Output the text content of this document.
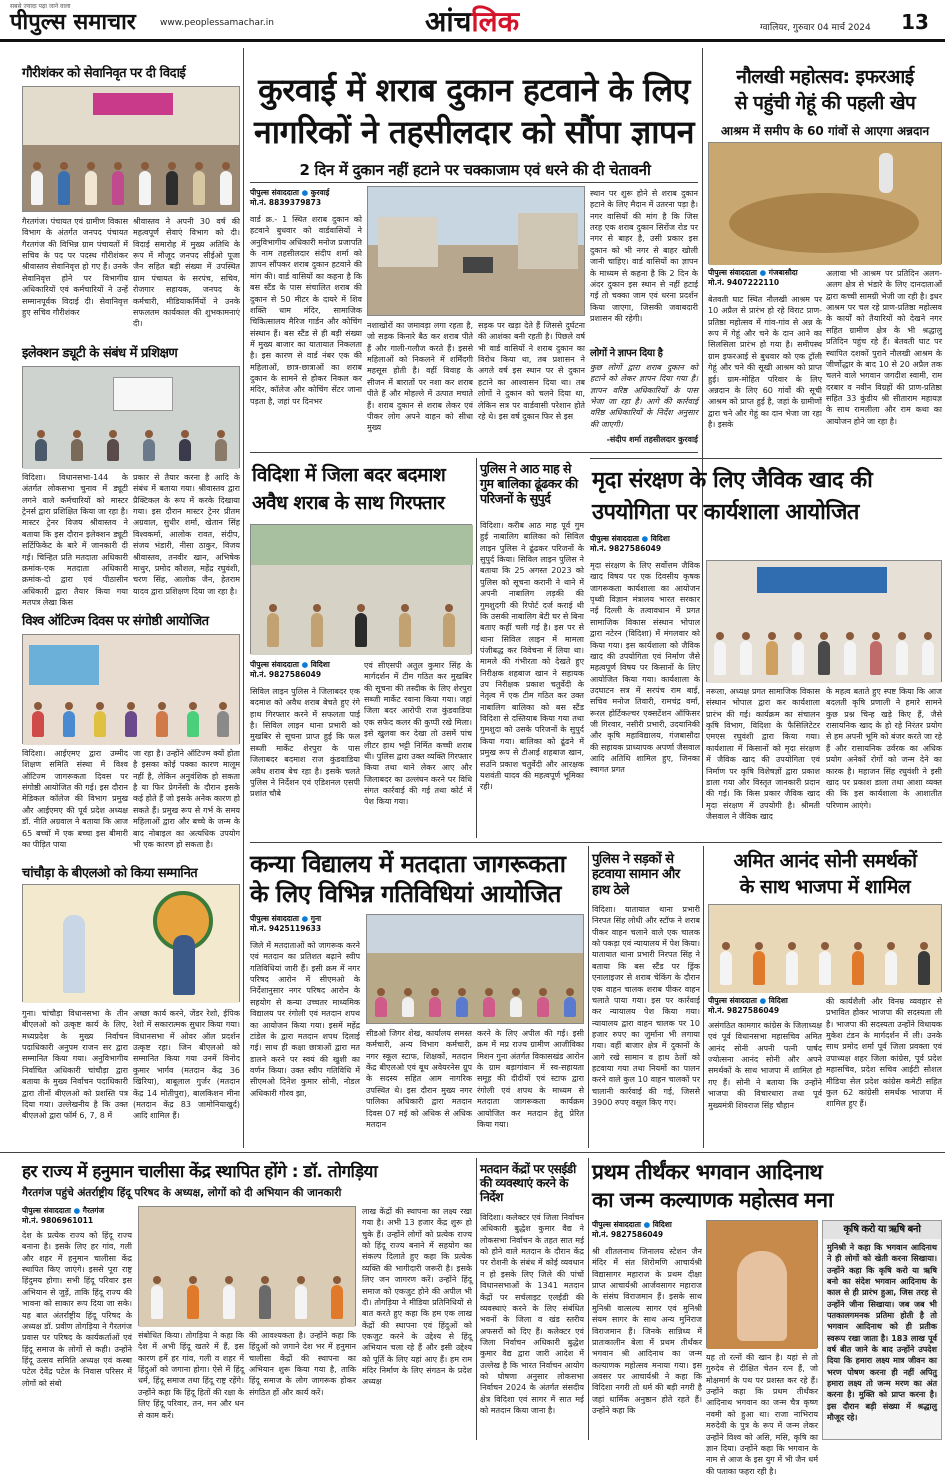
सबसे ज्यादा पढ़ा जाने वाला
पीपुल्स समाचार	www.peoplessamachar.in	आंचलिक	ग्वालियर, गुरुवार 04 मार्च 2024 13
गौरीशंकर को सेवानिवृत पर दी विदाई
गैरतगंज। पंचायत एवं ग्रामीण विकास विभाग के अंतर्गत जनपद पंचायत गैरतगंज की विभिन्न ग्राम पंचायतों में सचिव के पद पर पदस्थ गौरीशंकर श्रीवास्तव सेवानिवृत्त हो गए हैं। उनके सेवानिवृत्त होने पर विभागीय अधिकारियों एवं कर्मचारियों ने उन्हें सम्मानपूर्वक विदाई दी। सेवानिवृत्त हुए सचिव गौरीशंकर
श्रीवास्तव ने अपनी 30 वर्ष की महत्वपूर्ण सेवाएं विभाग को दी। विदाई समारोह में मुख्य अतिथि के रूप में मौजूद जनपद सीईओ पूजा जैन सहित बड़ी संख्या में उपस्थित ग्राम पंचायत के सरपंच, सचिव, रोजगार सहायक, जनपद के कर्मचारी, मीडियाकर्मियों ने उनके सफलतम कार्यकाल की शुभकामनाएं दी।
इलेक्शन ड्यूटी के संबंध में प्रशिक्षण
विदिशा। विधानसभा-144 के अंतर्गत लोकसभा चुनाव में ड्यूटी लगने वाले कर्मचारियों को मास्टर ट्रेनर्स द्वारा प्रशिक्षित किया जा रहा है। मास्टर ट्रेनर विजय श्रीवास्तव ने बताया कि इस दौरान इलेक्शन ड्यूटी सर्टिफिकेट के बारे में जानकारी दी गई। चिन्हित प्रति मतदाता अधिकारी क्रमांक-एक मतदाता अधिकारी क्रमांक-दो द्वारा एवं पीठासीन अधिकारी द्वारा तैयार किया गया मतपत्र लेखा किस
प्रकार से तैयार करना है आदि के संबंध में बताया गया। श्रीवास्तव द्वारा प्रैक्टिकल के रूप में करके दिखाया गया। इस दौरान मास्टर ट्रेनर प्रीतम अग्रवाल, सुधीर शर्मा, खेतान सिंह विश्वकर्मा, आलोक रावत, संदीप, संजय भंडारी, नीसा ठाकुर, विजय श्रीवास्तव, तनवीर खान, अभिषेक माथुर, प्रमोद कौशल, महेंद्र रघुवंशी, चरण सिंह, आलोक जैन, हेतराम यादव द्वारा प्रशिक्षण दिया जा रहा है।
विश्व ऑटिज्म दिवस पर संगोष्ठी आयोजित
विदिशा। आईएमए द्वारा उम्मीद शिक्षण समिति संस्था में विश्व ऑटिज्म जागरूकता दिवस पर संगोष्ठी आयोजित की गई। इस दौरान मेडिकल कॉलेज की विभाग प्रमुख और आईएमए की पूर्व प्रदेश अध्यक्ष डॉ. नीति अग्रवाल ने बताया कि आज 65 बच्चों में एक बच्चा इस बीमारी का पीड़ित पाया
जा रहा है। उन्होंने ऑटिज्म क्यों होता है इसका कोई पक्का कारण मालूम नहीं है, लेकिन अनुवंशिक हो सकता है या फिर प्रेगनेंसी के दौरान इसके कई होते हैं जो इसके अनेक कारण हो सकते हैं। प्रमुख रूप से गर्भ के समय महिलाओं द्वारा और बच्चे के जन्म के बाद नोबाइल का अत्यधिक उपयोग भी एक कारण हो सकता है।
चांचौड़ा के बीएलओ को किया सम्मानित
गुना। चांचौड़ा विधानसभा के तीन बीएलओ को उत्कृष्ट कार्य के लिए, मध्यप्रदेश के मुख्य निर्वाचन पदाधिकारी अनुपम राजन सर द्वारा सम्मानित किया गया। अनुविभागीय निर्वाचित अधिकारी चांचौड़ा द्वारा बताया के मुख्य निर्वाचन पदाधिकारी द्वारा तीनों बीएलओ को प्रशस्ति पत्र दिया गया। उल्लेखनीय है कि उक्त बीएलओ द्वारा फॉर्म 6, 7, 8 में
अच्छा कार्य करने, जेंडर रेशो, ईपिक रेशो में सकारात्मक सुधार किया गया। विधानसभा में ओवर ऑल प्रदर्शन उत्कृष्ट रहा। जिन बीएलओ को सम्मानित किया गया उनमें विनोद कुमार भार्गव (मतदान केंद्र 36 खिरिया), बाबूलाल गुर्जर (मतदान केंद्र 14 मोतीपुरा), बालकिशन मीना (मतदान केंद्र 83 जामोनियाखुर्द) आदि शामिल हैं।
कुरवाई में शराब दुकान हटवाने के लिए
नागरिकों ने तहसीलदार को सौंपा ज्ञापन
2 दिन में दुकान नहीं हटाने पर चक्काजाम एवं धरने की दी चेतावनी
पीपुल्स संवाददाता ● कुरवाई
मो.नं. 8839379873
वार्ड क्र.- 1 स्थित शराब दुकान को हटवाने बुधवार को वार्डवासियों ने अनुविभागीय अधिकारी मनोज प्रजापति के नाम तहसीलदार संदीप शर्मा को ज्ञापन सौंपकर शराब दुकान हटवाने की मांग की। वार्ड वासियों का कहना है कि बस स्टैंड के पास संचालित शराब की दुकान से 50 मीटर के दायरे में शिव शक्ति धाम मंदिर, सामाजिक चिकित्सालय मैरिज गार्डन और कोचिंग संस्थान हैं। बस स्टैंड से ही बड़ी संख्या में मुख्य बाजार का यातायात निकलता है। इस कारण से वार्ड नंबर एक की महिलाओं, छात्र-छात्राओं का शराब दुकान के सामने से होकर निकल कर मंदिर, कॉलेज और कोचिंग सेंटर जाना पड़ता है, जहां पर दिनभर
नशाखोरों का जमावड़ा लगा रहता है, जो सड़क किनारे बैठ कर शराब पीते हैं और गाली-गलौज करते हैं। इससे महिलाओं को निकलने में शर्मिंदगी महसूस होती है। वहीं विवाह के सीजन में बारातों पर नशा कर शराब पीते हैं और मोहल्ले में उत्पात मचाते हैं। शराब दुकान से शराब लेकर एवं पीकर लोग अपने वाहन को सीधा मुख्य
सड़क पर खड़ा देते हैं जिससे दुर्घटना की आशंका बनी रहती है। पिछले वर्ष भी वार्ड वासियों ने शराब दुकान का विरोध किया था, तब प्रशासन ने अगले वर्ष इस स्थान पर से दुकान हटाने का आश्वासन दिया था। तब लोगों ने दुकान को चलने दिया था, लेकिन सत्र पर वार्डवासी परेशान होते रहे थे। इस वर्ष दुकान फिर से इस
स्थान पर शुरू होने से शराब दुकान हटाने के लिए मैदान में उतरना पड़ा है। नगर वासियों की मांग है कि जिस तरह एक शराब दुकान सिरोंज रोड पर नगर से बाहर है, उसी प्रकार इस दुकान को भी नगर से बाहर खोली जानी चाहिए। वार्ड वासियों का ज्ञापन के माध्यम से कहना है कि 2 दिन के अंदर दुकान इस स्थान से नहीं हटाई गई तो चक्का जाम एवं धरना प्रदर्शन किया जाएगा, जिसकी जवाबदारी प्रशासन की रहेगी।
लोगों ने ज्ञापन दिया है
कुछ लोगों द्वारा शराब दुकान को हटाने को लेकर ज्ञापन दिया गया है। ज्ञापन वरिष्ठ अधिकारियों के पास भेजा जा रहा है। आगे की कार्रवाई वरिष्ठ अधिकारियों के निर्देश अनुसार की जाएगी।
-संदीप शर्मा तहसीलदार कुरवाई
विदिशा में जिला बदर बदमाश
अवैध शराब के साथ गिरफ्तार
पीपुल्स संवाददाता ● विदिशा
मो.नं. 9827586049
सिविल लाइन पुलिस ने जिलाबदर एक बदमाश को अवैध शराब बेचते हुए रंगे हाथ गिरफ्तार करने में सफलता पाई है। सिविल लाइन थाना प्रभारी को मुखबिर से सूचना प्राप्त हुई कि फल सब्जी मार्केट शेरपुरा के पास जिलाबदर बदमाश राज कुंडवाडिया अवैध शराब बेच रहा है। इसके चलते पुलिस ने निर्देशन एवं एडिशनल एसपी प्रशांत चौबे
एवं सीएसपी अतुल कुमार सिंह के मार्गदर्शन में टीम गठित कर मुखबिर की सूचना की तस्दीक के लिए शेरपुरा सब्जी मार्केट रवाना किया गया। जहां जिला बदर आरोपी राज कुंडवाडिया एक सफेद कलर की कुप्पी रखे मिला। इसे खुलवा कर देखा तो उसमें पांच लीटर हाथ भट्टी निर्मित कच्ची शराब थी। पुलिस द्वारा उक्त व्यक्ति गिरफ्तार किया तथा थाने लेकर आए और जिलाबदर का उल्लंघन करने पर विधि संगत कार्रवाई की गई तथा कोर्ट में पेश किया गया।
पुलिस ने आठ माह से गुम बालिका ढूंढकर की परिजनों के सुपुर्द
विदिशा। करीब आठ माह पूर्व गुम हुई नाबालिग बालिका को सिविल लाइन पुलिस ने ढूंढकर परिजनों के सुपुर्द किया। सिविल लाइन पुलिस ने बताया कि 25 अगस्त 2023 को पुलिस को सूचना करानी ने थाने में अपनी नाबालिग लड़की की गुमशुदगी की रिपोर्ट दर्ज कराई थी कि उसकी नाबालिग बेटी घर से बिना बताए कहीं चली गई है। इस पर से थाना सिविल लाइन में मामला पंजीबद्ध कर विवेचना में लिया था। मामले की गंभीरता को देखते हुए निरीक्षक शहबाज खान ने सहायक उप निरीक्षक प्रकाश चतुर्वेदी के नेतृत्व में एक टीम गठित कर उक्त नाबालिग बालिका को बस स्टैंड विदिशा से दस्तियाब किया गया तथा गुमशुदा को उसके परिजनों के सुपुर्द किया गया। बालिका को ढूंढने में प्रमुख रूप से टीआई शहबाज खान, सउनि प्रकाश चतुर्वेदी और आरक्षक यशवंती यादव की महत्वपूर्ण भूमिका रही।
मृदा संरक्षण के लिए जैविक खाद की
उपयोगिता पर कार्यशाला आयोजित
पीपुल्स संवाददाता ● विदिशा
मो.नं. 9827586049
मृदा संरक्षण के लिए सर्वोत्तम जैविक खाद विषय पर एक दिवसीय कृषक जागरूकता कार्यशाला का आयोजन पृथ्वी विज्ञान मंत्रालय भारत सरकार नई दिल्ली के तत्वावधान में प्रगत सामाजिक विकास संस्थान भोपाल द्वारा नटेरन (विदिशा) में मंगलवार को किया गया। इस कार्यशाला को जैविक खाद की उपयोगिता एवं निर्माण जैसे महत्वपूर्ण विषय पर किसानों के लिए आयोजित किया गया। कार्यशाला के उदघाटन सत्र में सरपंच राम बाई, सचिव मनोज तिवारी, रामचंद्र वर्मा, रूरल होर्टिकल्चर एक्सटेंशन ऑफिसर जी गिरवार, नसीरी प्रभारी, उदयानिकी और कृषि महाविद्यालय, गंजबासौदा की सहायक प्राध्यापक अपर्णा जैसवाल आदि अतिथि शामिल हुए, जिनका स्वागत प्रगत
नरूला, अध्यक्ष प्रगत सामाजिक विकास संस्थान भोपाल द्वारा कर कार्यशाला प्रारंभ की गई। कार्यक्रम का संचालन कृषि विभाग, विदिशा के फैसिलिटेटर एमएस रघुवंशी द्वारा किया गया। कार्यशाला में किसानों को मृदा संरक्षण में जैविक खाद की उपयोगिता एवं निर्माण पर कृषि विशेषज्ञों द्वारा प्रकाश डाला गया और विस्तृत जानकारी प्रदान की गई। कि किस प्रकार जैविक खाद मृदा संरक्षण में उपयोगी है। श्रीमती जैसवाल ने जैविक खाद
के महत्व बताते हुए स्पष्ट किया कि आज बदलती कृषि प्रणाली ने हमारे सामने कुछ प्रश्न चिन्ह खड़े किए हैं, जैसे रासायनिक खाद के हो रहे निरंतर प्रयोग से हम अपनी भूमि को बंजर करते जा रहे हैं और रासायनिक उर्वरक का अधिक प्रयोग अनेकों रोगों को जन्म देने का कारक है। महाजन सिंह रघुवंशी ने इसी खाद पर प्रकाश डाला तथा आशा व्यक्त की कि इस कार्यशाला के आशातीत परिणाम आएंगे।
नौलखी महोत्सव: इफरआई
से पहुंची गेहूं की पहली खेप
आश्रम में समीप के 60 गांवों से आएगा अन्नदान
पीपुल्स संवाददाता ● गंजबासौदा
मो.नं. 9407222110
बेतवती घाट स्थित नौलखी आश्रम पर 10 अप्रैल से प्रारंभ हो रहे विराट प्राण-प्रतिष्ठा महोत्सव में गांव-गांव से अन्न के रूप में गेहूं और चने के दान आने का सिलसिला प्रारंभ हो गया है। समीपस्थ ग्राम इफरआई से बुधवार को एक ट्रॉली गेहूं और चने की सूखी आश्रम को प्राप्त हुई। ग्राम-मोहित परिवार के लिए अन्नदान के लिए 60 गांवों की सूची आश्रम को प्राप्त हुई है, जहां के ग्रामीणों द्वारा चने और गेहूं का दान भेजा जा रहा है। इसके
अलावा भी आश्रम पर प्रतिदिन अलग-अलग क्षेत्र से भंडारे के लिए दानदाताओं द्वारा कच्ची सामग्री भेजी जा रही है। इधर आश्रम पर चल रहे प्राण-प्रतिष्ठा महोत्सव के कार्यों को तैयारियों को देखने नगर सहित ग्रामीण क्षेत्र के भी श्रद्धालु प्रतिदिन पहुंच रहे हैं। बेतवती घाट पर स्थापित दशकों पुराने नौलखी आश्रम के जीर्णोद्धार के बाद 10 से 20 अप्रैल तक चलने वाले भगवान जगदीश स्वामी, राम दरबार व नवीन विग्रहों की प्राण-प्रतिष्ठा सहित 33 कुंडीय श्री सीताराम महायज्ञ के साथ रामलीला और राम कथा का आयोजन होने जा रहा है।
कन्या विद्यालय में मतदाता जागरूकता
के लिए विभिन्न गतिविधियां आयोजित
पीपुल्स संवाददाता ● गुना
मो.नं. 9425119633
जिले में मतदाताओं को जागरूक करने एवं मतदान का प्रतिशत बढ़ाने स्वीप गतिविधियां जारी हैं। इसी क्रम में नगर परिषद आरोन में सीएमओ के निर्देशानुसार नगर परिषद आरोन के सहयोग से कन्या उच्चतर माध्यमिक विद्यालय पर रंगोली एवं मतदान शपथ का आयोजन किया गया। इसमें महेंद्र टांडेल के द्वारा मतदान शपथ दिलाई गई। साथ ही कक्षा छात्राओं द्वारा मत डालने करने पर स्वयं की खुशी का वर्णन किया। उक्त स्वीप गतिविधि में सीएमओ दिनेश कुमार सोनी, नोडल अधिकारी गौरव झा,
सीडओ जिगर शेख, कार्यालय समस्त कर्मचारी, अन्य विभाग कर्मचारी, नगर स्कूल स्टाफ, शिक्षकों, मतदान केंद्र बीएलओ एवं बूथ अवेयरनेस ग्रुप के सदस्य सहित आम नागरिक उपस्थित थे। इस दौरान मुख्य नगर पालिका अधिकारी द्वारा मतदान दिवस 07 मई को अधिक से अधिक मतदान
करने के लिए अपील की गई। इसी क्रम में मप्र राज्य ग्रामीण आजीविका मिशन गुना अंतर्गत विकासखंड आरोन के ग्राम बड़ागांवान में स्व-सहायता समूह की दीदीयों एवं स्टाफ द्वारा रंगोली एवं शपथ के माध्यम से मतदाता जागरूकता कार्यक्रम आयोजित कर मतदान हेतु प्रेरित किया गया।
पुलिस ने सड़कों से हटवाया सामान और हाथ ठेले
विदिशा। यातायात थाना प्रभारी निरपत सिंह लोधी और स्टॉफ ने शराब पीकर वाहन चलाने वाले एक चालक को पकड़ा एवं न्यायालय में पेश किया। यातायात थाना प्रभारी निरपत सिंह ने बताया कि बस स्टैंड पर ड्रिंक एनालाइजर से शराब चेकिंग के दौरान एक वाहन चालक शराब पीकर वाहन चलाते पाया गया। इस पर कार्रवाई कर न्यायालय पेश किया गया। न्यायालय द्वारा वाहन चालक पर 10 हजार रुपए का जुर्माना भी लगाया गया। वहीं बाजार क्षेत्र में दुकानों के आगे रखे सामान व हाथ ठेलों को हटवाया गया तथा नियमों का पालन करने वाले कुल 10 वाहन चालकों पर चालानी कार्रवाई की गई, जिससे 3900 रुपए वसूल किए गए।
अमित आनंद सोनी समर्थकों
के साथ भाजपा में शामिल
पीपुल्स संवाददाता ● विदिशा
मो.नं. 9827586049
असंगठित कामगार कांग्रेस के जिलाध्यक्ष एवं पूर्व विधानसभा महासचिव अमित आनंद सोनी अपनी पत्नी पार्षद ज्योत्सना आनंद सोनी और अपने समर्थकों के साथ भाजपा में शामिल हो गए हैं। सोनी ने बताया कि उन्होंने भाजपा की विचारधारा तथा पूर्व मुख्यमंत्री शिवराज सिंह चौहान
की कार्यशैली और विनम्र व्यवहार से प्रभावित होकर भाजपा की सदस्यता ली है। भाजपा की सदस्यता उन्होंने विधायक मुकेश टंडन के मार्गदर्शन में ली। उनके साथ प्रमोद शर्मा पूर्व जिला प्रवक्ता एवं उपाध्यक्ष शहर जिला कांग्रेस, पूर्व प्रदेश महासचिव, प्रदेश सचिव आईटी सोशल मीडिया सेल प्रदेश कांग्रेस कमेटी सहित कुल 62 कांग्रेसी समर्थक भाजपा में शामिल हुए हैं।
हर राज्य में हनुमान चालीसा केंद्र स्थापित होंगे : डॉ. तोगड़िया
गैरतगंज पहुंचे अंतर्राष्ट्रीय हिंदू परिषद के अध्यक्ष, लोगों को दी अभियान की जानकारी
पीपुल्स संवाददाता ● गैरतगंज
मो.नं. 9806961011
देश के प्रत्येक राज्य को हिंदू राज्य बनाना है। इसके लिए हर गांव, गली और शहर में हनुमान चालीसा केंद्र स्थापित किए जाएंगे। इससे पूरा राष्ट्र हिंदुमय होगा। सभी हिंदू परिवार इस अभियान से जुड़ें, ताकि हिंदू राज्य की भावना को साकार रूप दिया जा सके। यह बात अंतर्राष्ट्रीय हिंदू परिषद के अध्यक्ष डॉ. प्रवीण तोगड़िया ने गैरतगंज प्रवास पर परिषद के कार्यकर्ताओं एवं हिंदू समाज के लोगों से कही। उन्होंने हिंदू उत्सव समिति अध्यक्ष एवं कस्बा पटेल देवेंद्र पटेल के निवास परिसर में लोगों को संबो
संबोधित किया। तोगड़िया ने कहा कि देश में अभी हिंदू खतरे में हैं, इस कारण हमें हर गांव, गली व शहर में हिंदुओं को जगाना होगा। ऐसे में हिंदू धर्म, हिंदू समाज तथा हिंदू राष्ट्र रहेंगे। उन्होंने कहा कि हिंदू हितों की रक्षा के लिए हिंदू परिवार, तन, मन और धन से काम करें।
की आवश्यकता है। उन्होंने कहा कि हिंदुओं को जगाने देश भर में हनुमान चालीसा केंद्रों की स्थापना का अभियान शुरू किया गया है, ताकि हिंदू समाज के लोग जागरूक होकर संगठित हों और कार्य करें।
लाख केंद्रों की स्थापना का लक्ष्य रखा गया है। अभी 13 हजार केंद्र शुरू हो चुके हैं। उन्होंने लोगों को प्रत्येक राज्य को हिंदू राज्य बनाने में सहयोग का संकल्प दिलाते हुए कहा कि प्रत्येक व्यक्ति की भागीदारी जरूरी है। इसके लिए जन जागरण करें। उन्होंने हिंदू समाज को एकजुट होने की अपील भी दी। तोगड़िया ने मीडिया प्रतिनिधियों से बात करते हुए कहा कि हम एक लाख केंद्रों की स्थापना एवं हिंदुओं को एकजुट करने के उद्देश्य से हिंदू अभियान चला रहे हैं और इसी उद्देश्य को पूर्ति के लिए यहां आए हैं। हम राम मंदिर निर्माण के लिए संगठन के प्रदेश अध्यक्ष
मतदान केंद्रों पर एसईडी की व्यवस्थाएं करने के निर्देश
विदिशा। कलेक्टर एवं जिला निर्वाचन अधिकारी बुद्धेश कुमार वैद्य ने लोकसभा निर्वाचन के तहत सात मई को होने वाले मतदान के दौरान केंद्र पर रोशनी के संबंध में कोई व्यवधान न हो इसके लिए जिले की पांचों विधानसभाओं के 1341 मतदान केंद्रों पर सर्चलाइट एलईडी की व्यवस्थाएं करने के लिए संबंधित भवनों के जिला व खंड स्तरीय अफसरों को दिए हैं। कलेक्टर एवं जिला निर्वाचन अधिकारी बुद्धेश कुमार वैद्य द्वारा जारी आदेश में उल्लेख है कि भारत निर्वाचन आयोग को घोषणा अनुसार लोकसभा निर्वाचन 2024 के अंतर्गत संसदीय क्षेत्र विदिशा एवं सागर में सात मई को मतदान किया जाना है।
प्रथम तीर्थंकर भगवान आदिनाथ
का जन्म कल्याणक महोत्सव मना
पीपुल्स संवाददाता ● विदिशा
मो.नं. 9827586049
श्री शीतलनाथ जिनालय स्टेशन जैन मंदिर में संत शिरोमणि आचार्यश्री विद्यासागर महाराज के प्रथम दीक्षा प्राप्त आचार्यश्री आर्जवसागर महाराज के संसंघ विराजमान हैं। इसके साथ मुनिश्री वात्सल्य सागर एवं मुनिश्री संयम सागर के साथ अन्य मुनिराज विराजमान हैं। जिनके सान्निध्य में प्रातःकालीन बेला में प्रथम तीर्थंकर भगवान श्री आदिनाथ का जन्म कल्याणक महोत्सव मनाया गया। इस अवसर पर आचार्यश्री ने कहा कि विदिशा नगरी तो धर्म की बड़ी नगरी है जहां धार्मिक अनुष्ठान होते रहते हैं। उन्होंने कहा कि
यह तो रत्नों की खान है। यहां से तो गुरुदेव से दीक्षित चेतन रत्न हैं, जो मोक्षमार्ग के पथ पर प्रशस्त कर रहे हैं। उन्होंने कहा कि प्रथम तीर्थंकर आदिनाथ भगवान का जन्म चैत्र कृष्ण नवमी को हुआ था। राजा नाभिराय मरुदेवी के पुत्र के रूप में जन्म लेकर उन्होंने विश्व को असि, मसि, कृषि का ज्ञान दिया। उन्होंने कहा कि भगवान के नाम से आज के इस युग में भी जैन धर्म की पताका फहरा रही है।
कृषि करो या ऋषि बनो
मुनिश्री ने कहा कि भगवान आदिनाथ ने ही लोगों को खेती करना सिखाया। उन्होंने कहा कि कृषि करो या ऋषि बनो का संदेश भगवान आदिनाथ के काल से ही प्रारंभ हुआ, जिस तरह से उन्होंने जीना सिखाया। जब जब भी पतकालगमनक प्रतिमा होती है तो भगवान आदिनाथ को ही प्रतीक स्वरूप रखा जाता है। 183 लाख पूर्व वर्ष बीत जाने के बाद उन्होंने उपदेश दिया कि हमारा लक्ष्य मात्र जीवन का भरण पोषण करना ही नहीं अपितु हमारा लक्ष्य तो जन्म मरण का अंत करना है। मुक्ति को प्राप्त करना है। इस दौरान बड़ी संख्या में श्रद्धालु मौजूद रहे।
